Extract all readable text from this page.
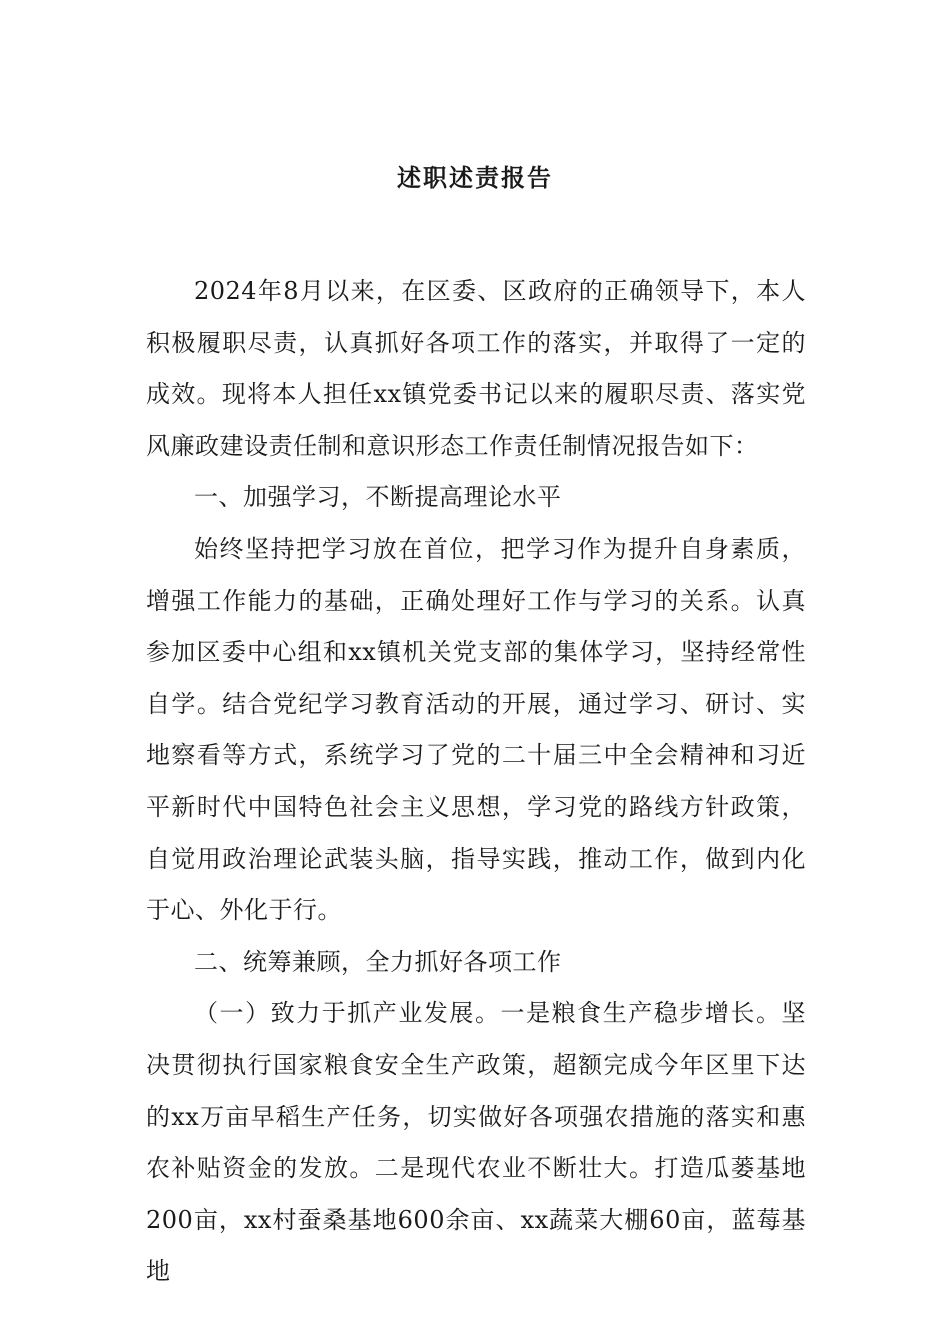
述职述责报告

2024年8月以来，在区委、区政府的正确领导下，本人积极履职尽责，认真抓好各项工作的落实，并取得了一定的成效。现将本人担任xx镇党委书记以来的履职尽责、落实党风廉政建设责任制和意识形态工作责任制情况报告如下：

一、加强学习，不断提高理论水平

始终坚持把学习放在首位，把学习作为提升自身素质，增强工作能力的基础，正确处理好工作与学习的关系。认真参加区委中心组和xx镇机关党支部的集体学习，坚持经常性自学。结合党纪学习教育活动的开展，通过学习、研讨、实地察看等方式，系统学习了党的二十届三中全会精神和习近平新时代中国特色社会主义思想，学习党的路线方针政策，自觉用政治理论武装头脑，指导实践，推动工作，做到内化于心、外化于行。

二、统筹兼顾，全力抓好各项工作

（一）致力于抓产业发展。一是粮食生产稳步增长。坚决贯彻执行国家粮食安全生产政策，超额完成今年区里下达的xx万亩早稻生产任务，切实做好各项强农措施的落实和惠农补贴资金的发放。二是现代农业不断壮大。打造瓜蒌基地200亩，xx村蚕桑基地600余亩、xx蔬菜大棚60亩，蓝莓基地
